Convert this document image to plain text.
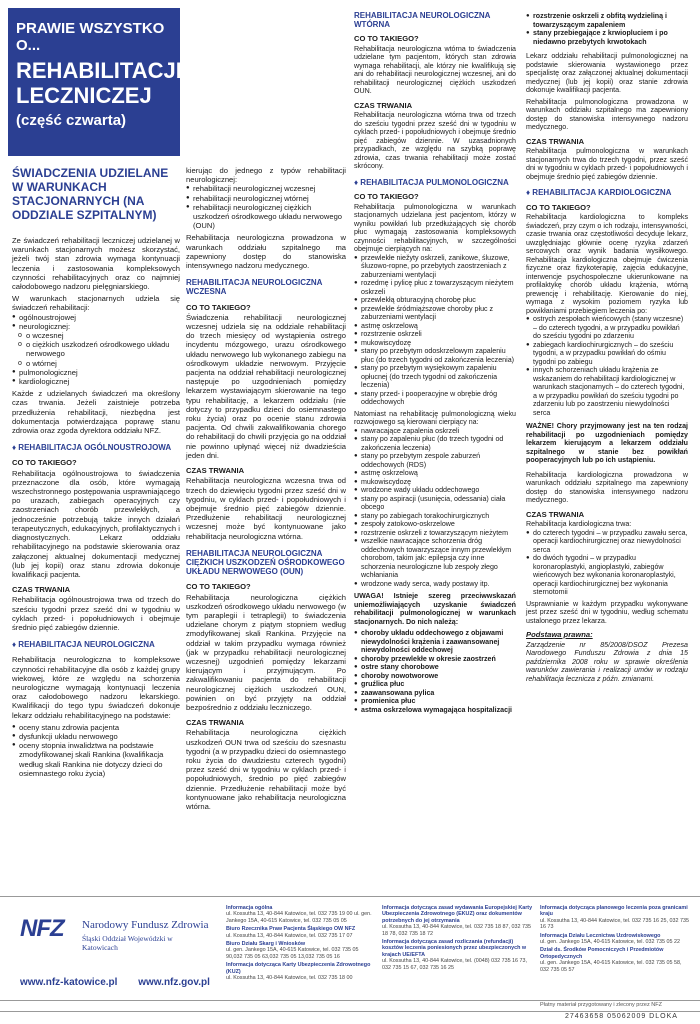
PRAWIE WSZYSTKO O...
REHABILITACJI
LECZNICZEJ
(część czwarta)
ŚWIADCZENIA UDZIELANE W WARUNKACH STACJONARNYCH (NA ODDZIALE SZPITALNYM)

Ze świadczeń rehabilitacji leczniczej udzielanej w warunkach stacjonarnych możesz skorzystać, jeżeli twój stan zdrowia wymaga kontynuacji leczenia i zastosowania kompleksowych czynności rehabilitacyjnych oraz co najmniej całodobowego nadzoru pielęgniarskiego.

W warunkach stacjonarnych udziela się świadczeń rehabilitacji:

● ogólnoustrojowej
● neurologicznej:
o o wczesnej
o o ciężkich uszkodzeń ośrodkowego układu nerwowego
o o wtórnej
● pulmonologicznej
● kardiologicznej

Każde z udzielanych świadczeń ma określony czas trwania. Jeżeli zaistnieje potrzeba przedłużenia rehabilitacji, niezbędna jest dokumentacja potwierdzająca poprawę stanu zdrowia oraz zgoda dyrektora oddziału NFZ.

♦ REHABILITACJA OGÓLNOUSTROJOWA
CO TO TAKIEGO?

Rehabilitacja ogólnoustrojowa to świadczenia przeznaczone dla osób, które wymagają wszechstronnego postępowania usprawniającego po urazach, zabiegach operacyjnych czy zaostrzeniach chorób przewlekłych, a jednocześnie potrzebują także innych działań terapeutycznych, edukacyjnych, profilaktycznych i diagnostycznych. Lekarz oddziału rehabilitacyjnego na podstawie skierowania oraz załączonej aktualnej dokumentacji medycznej (lub jej kopii) oraz stanu zdrowia dokonuje kwalifikacji pacjenta.

CZAS TRWANIA

Rehabilitacja ogólnoustrojowa trwa od trzech do sześciu tygodni przez sześć dni w tygodniu w cyklach przed- i popołudniowych i obejmuje średnio pięć zabiegów dziennie.

♦ REHABILITACJA NEUROLOGICZNA

Rehabilitacja neurologiczna to kompleksowe czynności rehabilitacyjne dla osób z każdej grupy wiekowej, które ze względu na schorzenia neurologiczne wymagają kontynuacji leczenia oraz całodobowego nadzoru lekarskiego. Kwalifikacji do tego typu świadczeń dokonuje lekarz oddziału rehabilitacyjnego na podstawie:

● oceny stanu zdrowia pacjenta
● dysfunkcji układu nerwowego
● oceny stopnia inwalidztwa na podstawie zmodyfikowanej skali Rankina (kwalifikacja według skali Rankina nie dotyczy dzieci do osiemnastego roku życia)

kierując do jednego z typów rehabilitacji neurologicznej:

● rehabilitacji neurologicznej wczesnej
● rehabilitacji neurologicznej wtórnej
● rehabilitacji neurologicznej ciężkich uszkodzeń ośrodkowego układu nerwowego (OUN)

Rehabilitacja neurologiczna prowadzona w warunkach oddziału szpitalnego ma zapewniony dostęp do stanowiska intensywnego nadzoru medycznego.

REHABILITACJA NEUROLOGICZNA WCZESNA
CO TO TAKIEGO?

Świadczenia rehabilitacji neurologicznej wczesnej udziela się na oddziale rehabilitacji do trzech miesięcy od wystąpienia ostrego incydentu mózgowego, urazu ośrodkowego układu nerwowego lub wykonanego zabiegu na ośrodkowym układzie nerwowym. Przyjęcie pacjenta na oddział rehabilitacji neurologicznej następuje po uzgodnieniach pomiędzy lekarzem wystawiającym skierowanie na tego typu rehabilitację, a lekarzem oddziału (nie dotyczy to przypadku dzieci do osiemnastego roku życia) oraz po ocenie stanu zdrowia pacjenta. Od chwili zakwalifikowania chorego do rehabilitacji do chwili przyjęcia go na oddział nie powinno upłynąć więcej niż dwadzieścia jeden dni.

CZAS TRWANIA

Rehabilitacja neurologiczna wczesna trwa od trzech do dziewięciu tygodni przez sześć dni w tygodniu, w cyklach przed- i popołudniowych i obejmuje średnio pięć zabiegów dziennie. Przedłużenie rehabilitacji neurologicznej wczesnej może być kontynuowane jako rehabilitacja neurologiczna wtórna.

REHABILITACJA NEUROLOGICZNA CIĘŻKICH USZKODZEŃ OŚRODKOWEGO UKŁADU NERWOWEGO (OUN)
CO TO TAKIEGO?

Rehabilitacja neurologiczna ciężkich uszkodzeń ośrodkowego układu nerwowego (w tym paraplegii i tetraplegii) to świadczenia udzielane chorym z piątym stopniem według zmodyfikowanej skali Rankina. Przyjęcie na oddział w takim przypadku wymaga również (jak w przypadku rehabilitacji neurologicznej wczesnej) uzgodnień pomiędzy lekarzami kierującym i przyjmującym. Po zakwalifikowaniu pacjenta do rehabilitacji neurologicznej ciężkich uszkodzeń OUN, powinien on być przyjęty na oddział bezpośrednio z oddziału leczniczego.

CZAS TRWANIA

Rehabilitacja neurologiczna ciężkich uszkodzeń OUN trwa od sześciu do szesnastu tygodni (a w przypadku dzieci do osiemnastego roku życia do dwudziestu czterech tygodni) przez sześć dni w tygodniu w cyklach przed- i popołudniowych, średnio po pięć zabiegów dziennie. Przedłużenie rehabilitacji może być kontynuowane jako rehabilitacja neurologiczna wtórna.

REHABILITACJA NEUROLOGICZNA WTÓRNA
CO TO TAKIEGO?

Rehabilitacja neurologiczna wtórna to świadczenia udzielane tym pacjentom, których stan zdrowia wymaga rehabilitacji, ale którzy nie kwalifikują się ani do rehabilitacji neurologicznej wczesnej, ani do rehabilitacji neurologicznej ciężkich uszkodzeń OUN.

CZAS TRWANIA

Rehabilitacja neurologiczna wtórna trwa od trzech do sześciu tygodni przez sześć dni w tygodniu w cyklach przed- i popołudniowych i obejmuje średnio pięć zabiegów dziennie. W uzasadnionych przypadkach, ze względu na szybką poprawę zdrowia, czas trwania rehabilitacji może zostać skrócony.

♦ REHABILITACJA PULMONOLOGICZNA
CO TO TAKIEGO?

Rehabilitacja pulmonologiczna w warunkach stacjonarnych udzielana jest pacjentom, którzy w wyniku powikłań lub przedłużających się chorób płuc wymagają zastosowania kompleksowych czynności rehabilitacyjnych, w szczególności obejmuje cierpiących na:

● przewlekłe niežyty oskrzeli, zanikowe, śluzowe, śluzowo-ropne, po przebytych zaostrzeniach z zaburzeniami wentylacji
● rozedmę i pylicę płuc z towarzyszącym nieżytem oskrzeli
● przewlekłą obturacyjną chorobę płuc
● przewlekłe śródmiąższowe choroby płuc z zaburzeniami wentylacji
● astmę oskrzelową
● rozstrzenie oskrzeli
● mukowiscydozę
● stany po przebytym odoskrzelowym zapaleniu płuc (do trzech tygodni od zakończenia leczenia)
● stany po przebytym wysiękowym zapaleniu opłucnej (do trzech tygodni od zakończenia leczenia)
● stany przed- i pooperacyjne w obrębie dróg oddechowych

Natomiast na rehabilitację pulmonologiczną wieku rozwojowego są kierowani cierpiący na:

● nawracające zapalenia oskrzeli
● stany po zapaleniu płuc (do trzech tygodni od zakończenia leczenia)
● stany po przebytym zespole zaburzeń oddechowych (RDS)
● astmę oskrzelową
● mukowiscydozę
● wrodzone wady układu oddechowego
● stany po aspiracji (usunięcia, odessania) ciała obcego
● stany po zabiegach torakochirurgicznych
● zespoły zatokowo-oskrzelowe
● rozstrzenie oskrzeli z towarzyszącym nieżytem
● wszelkie nawracające schorzenia dróg oddechowych towarzyszące innym przewlekłym chorobom, takim jak: epilepsja czy inne schorzenia neurologiczne lub zespoły złego wchłaniania
● wrodzone wady serca, wady postawy itp.

UWAGA! Istnieje szereg przeciwwskazań uniemożliwiających uzyskanie świadczeń rehabilitacji pulmonologicznej w warunkach stacjonarnych. Do nich należą:

● choroby układu oddechowego z objawami niewydolności krążenia i zaawansowanej niewydolności oddechowej
● choroby przewlekłe w okresie zaostrzeń
● ostre stany chorobowe
● choroby nowotworowe
● gruźlica płuc
● zaawansowana pylica
● promienica płuc
● astma oskrzelowa wymagająca hospitalizacji
● rozstrzenie oskrzeli z obfitą wydzieliną i towarzyszącym zapaleniem
● stany przebiegające z krwiopluciem i po niedawno przebytych krwotokach

Lekarz oddziału rehabilitacji pulmonologicznej na podstawie skierowania wystawionego przez specjalistę oraz załączonej aktualnej dokumentacji medycznej (lub jej kopii) oraz stanie zdrowia dokonuje kwalifikacji pacjenta.

Rehabilitacja pulmonologiczna prowadzona w warunkach oddziału szpitalnego ma zapewniony dostęp do stanowiska intensywnego nadzoru medycznego.

CZAS TRWANIA

Rehabilitacja pulmonologiczna w warunkach stacjonarnych trwa do trzech tygodni, przez sześć dni w tygodniu w cyklach przed- i popołudniowych i obejmuje średnio pięć zabiegów dziennie.

♦ REHABILITACJA KARDIOLOGICZNA
CO TO TAKIEGO?

Rehabilitacja kardiologiczna to kompleks świadczeń, przy czym o ich rodzaju, intensywności, czasie trwania oraz częstotliwości decyduje lekarz, uwzględniając głównie ocenę ryzyka zdarzeń sercowych oraz wynik badania wysiłkowego. Rehabilitacja kardiologiczna obejmuje ćwiczenia fizyczne oraz fizykoterapię, zajęcia edukacyjne, interwencje psychospołeczne ukierunkowane na profilaktykę chorób układu krążenia, wtórną prewencję i rehabilitację. Kierowanie do niej, wymaga z wysokim poziomem ryzyka lub powikłaniami przebiegiem leczenia po:

● ostrych zespołach wieńcowych (stany wczesne) – do czterech tygodni, a w przypadku powikłań do sześciu tygodni po zdarzeniu
● zabiegach kardiochirurgicznych – do sześciu tygodni, a w przypadku powikłań do ośmiu tygodni po zabiegu
● innych schorzeniach układu krążenia ze wskazaniem do rehabilitacji kardiologicznej w warunkach stacjonarnych – do czterech tygodni, a w przypadku powikłań do sześciu tygodni po zdarzeniu lub po zaostrzeniu niewydolności serca

WAŻNE! Chory przyjmowany jest na ten rodzaj rehabilitacji po uzgodnieniach pomiędzy lekarzem kierującym a lekarzem oddziału szpitalnego w stanie bez powikłań pooperacyjnych lub po ich ustąpieniu.

Rehabilitacja kardiologiczna prowadzona w warunkach oddziału szpitalnego ma zapewniony dostęp do stanowiska intensywnego nadzoru medycznego.

CZAS TRWANIA

Rehabilitacja kardiologiczna trwa:

● do czterech tygodni – w przypadku zawału serca, operacji kardiochirurgicznej oraz niewydolności serca
● do dwóch tygodni – w przypadku koronaroplastyki, angioplastyki, zabiegów wieńcowych bez wykonania koronaroplastyki, operacji kardiochirurgicznej bez wykonania sternotomii

Usprawnianie w każdym przypadku wykonywane jest przez sześć dni w tygodniu, według schematu ustalonego przez lekarza.

Podstawa prawna:

Zarządzenie nr 85/2008/DSOZ Prezesa Narodowego Funduszu Zdrowia z dnia 15 października 2008 roku w sprawie określenia warunków zawierania i realizacji umów w rodzaju rehabilitacja lecznicza z późn. zmianami.

NFZ Narodowy Fundusz Zdrowia
Śląski Oddział Wojewódzki w Katowicach
www.nfz-katowice.pl www.nfz.gov.pl
Informacja ogólna
ul. Kossutha 13, 40-844 Katowice, tel. 032 735 19 00 ul. gen. Jankego 15A, 40-615 Katowice, tel. 032 735 05 05
Biuro Rzecznika Praw Pacjenta Śląskiego OW NFZ
ul. Kossutha 13, 40-844 Katowice, tel. 032 735 17 07
Biuro Działu Skarg i Wniosków
ul. gen. Jankego 15A, 40-615 Katowice, tel. 032 735 05 90,032 735 05 63,032 735 05 13,032 735 05 16
Informacja dotycząca Karty Ubezpieczenia Zdrowotnego (KUZ)
ul. Kossutha 13, 40-844 Katowice, tel. 032 735 18 00
Informacja dotycząca zasad wydawania Europejskiej Karty Ubezpieczenia Zdrowotnego (EKUZ) oraz dokumentów potrzebnych do jej otrzymania
ul. Kossutha 13, 40-844 Katowice, tel. 032 735 18 87, 032 735 18 78, 032 735 18 72
Informacja dotycząca zasad rozliczania (refundacji) kosztów leczenia poniesionych przez ubezpieczonych w krajach UE/EFTA
ul. Kossutha 13, 40-844 Katowice, tel. (0048) 032 735 16 73, 032 735 15 67, 032 735 16 25
Informacja dotycząca planowego leczenia poza granicami kraju
ul. Kossutha 13, 40-844 Katowice, tel. 032 735 16 25, 032 735 16 73
Informacja Działu Lecznictwa Uzdrowiskowego
ul. gen. Jankego 15A, 40-615 Katowice, tel. 032 735 05 22
Dział ds. Środków Pomocniczych i Przedmiotów Ortopedycznych
ul. gen. Jankego 15A, 40-615 Katowice, tel. 032 735 05 58, 032 735 05 57
Płatny materiał przygotowany i zlecony przez NFZ
27463658 05062009 DLOKA
